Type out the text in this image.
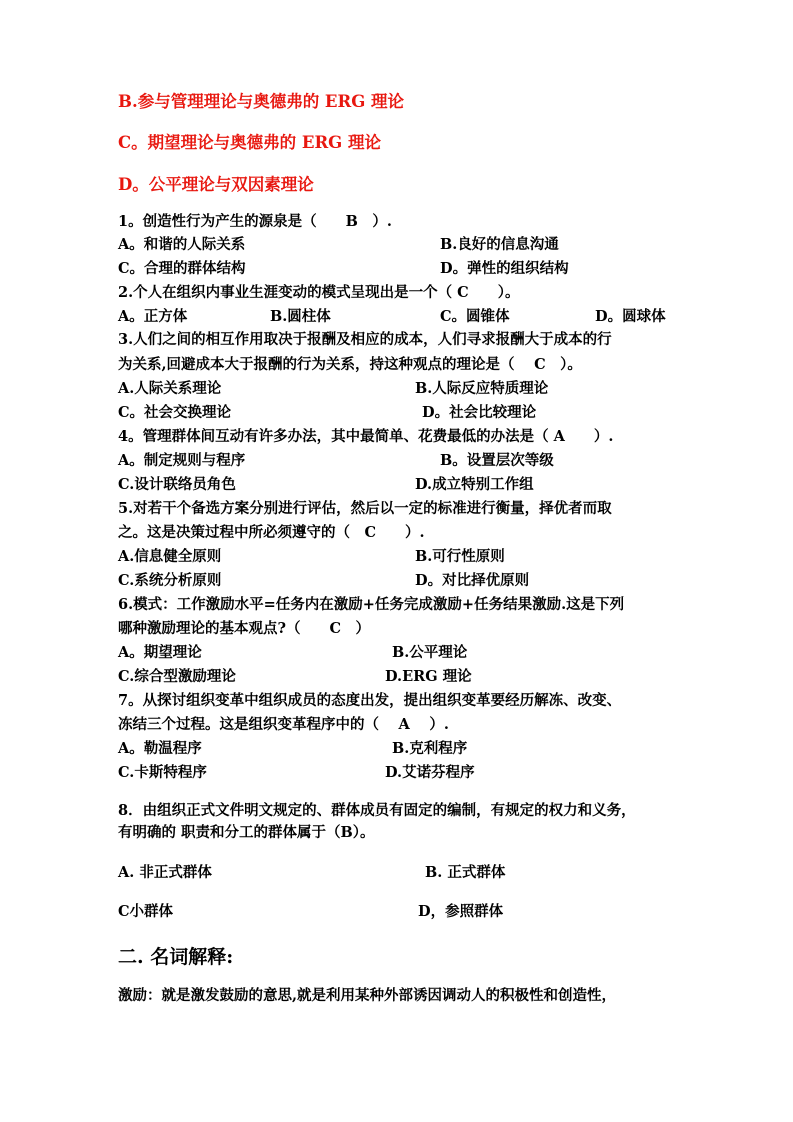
B.参与管理理论与奥德弗的 ERG 理论
C。期望理论与奥德弗的 ERG 理论
D。公平理论与双因素理论
1。创造性行为产生的源泉是（　　B　）.
A。和谐的人际关系	B.良好的信息沟通
C。合理的群体结构	D。弹性的组织结构
2.个人在组织内事业生涯变动的模式呈现出是一个（ C　　）。
A。正方体	B.圆柱体	C。圆锥体	D。圆球体
3.人们之间的相互作用取决于报酬及相应的成本，人们寻求报酬大于成本的行
为关系,回避成本大于报酬的行为关系，持这种观点的理论是（　 C　）。
A.人际关系理论	B.人际反应特质理论
C。社会交换理论	D。社会比较理论
4。管理群体间互动有许多办法，其中最简单、花费最低的办法是（ A　　）.
A。制定规则与程序	B。设置层次等级
C.设计联络员角色	D.成立特别工作组
5.对若干个备选方案分别进行评估，然后以一定的标准进行衡量，择优者而取
之。这是决策过程中所必须遵守的（　C　　）.
A.信息健全原则	B.可行性原则
C.系统分析原则	D。对比择优原则
6.模式：工作激励水平=任务内在激励+任务完成激励+任务结果激励.这是下列
哪种激励理论的基本观点?（　　C　）
A。期望理论	B.公平理论
C.综合型激励理论	D.ERG 理论
7。从探讨组织变革中组织成员的态度出发，提出组织变革要经历解冻、改变、
冻结三个过程。这是组织变革程序中的（　 A　 ）.
A。勒温程序	B.克利程序
C.卡斯特程序	D.艾诺芬程序
8．由组织正式文件明文规定的、群体成员有固定的编制，有规定的权力和义务，
有明确的 职责和分工的群体属于（B）。
A. 非正式群体	B. 正式群体
C小群体	D，参照群体
二. 名词解释:
激励：就是激发鼓励的意思,就是利用某种外部诱因调动人的积极性和创造性，
